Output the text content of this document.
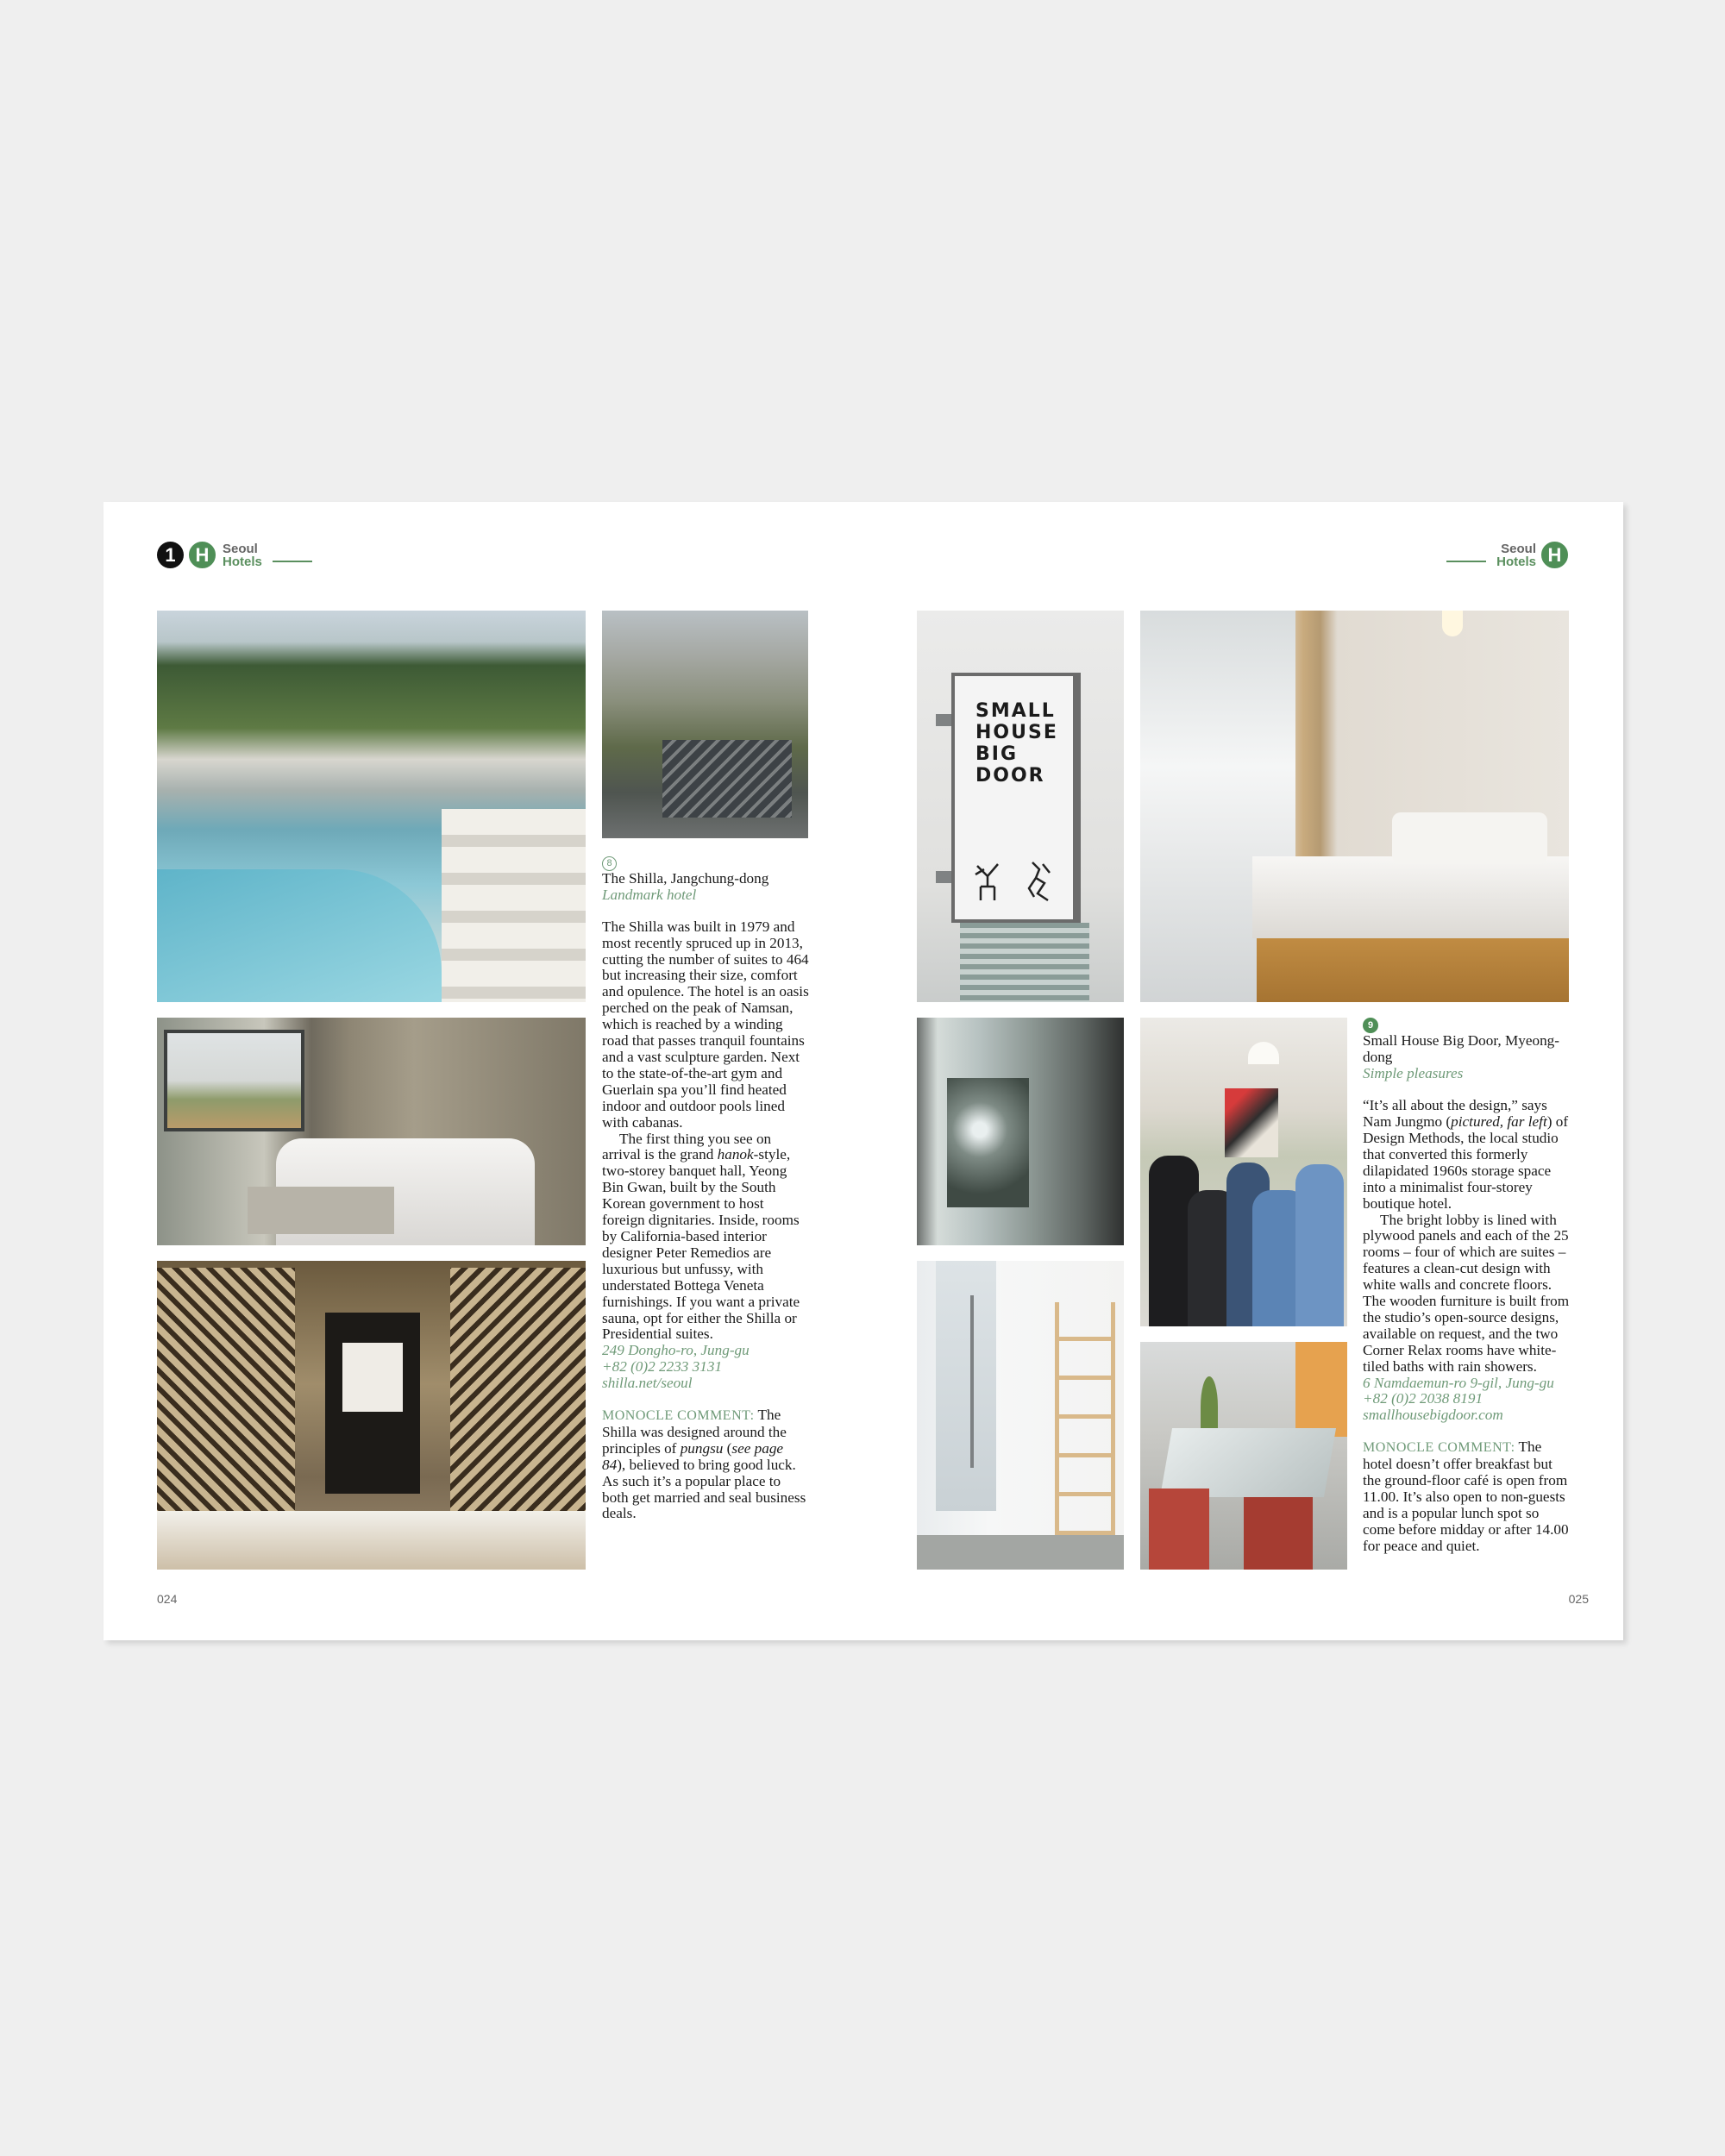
1	H	Seoul
Hotels
Seoul
Hotels H
8

The Shilla, Jangchung-dong

Landmark hotel

The Shilla was built in 1979 and most recently spruced up in 2013, cutting the number of suites to 464 but increasing their size, comfort and opulence. The hotel is an oasis perched on the peak of Namsan, which is reached by a winding road that passes tranquil fountains and a vast sculpture garden. Next to the state-of-the-art gym and Guerlain spa you’ll find heated indoor and outdoor pools lined with cabanas.

The first thing you see on arrival is the grand hanok-style, two-storey banquet hall, Yeong Bin Gwan, built by the South Korean government to host foreign dignitaries. Inside, rooms by California-based interior designer Peter Remedios are luxurious but unfussy, with understated Bottega Veneta furnishings. If you want a private sauna, opt for either the Shilla or Presidential suites.

249 Dongho-ro, Jung-gu

+82 (0)2 2233 3131

shilla.net/seoul

MONOCLE COMMENT: The Shilla was designed around the principles of pungsu (see page 84), believed to bring good luck. As such it’s a popular place to both get married and seal business deals.

SMALL
HOUSE
BIG
DOOR
9

Small House Big Door, Myeong-dong

Simple pleasures

“It’s all about the design,” says Nam Jungmo (pictured, far left) of Design Methods, the local studio that converted this formerly dilapidated 1960s storage space into a minimalist four-storey boutique hotel.

The bright lobby is lined with plywood panels and each of the 25 rooms – four of which are suites – features a clean-cut design with white walls and concrete floors. The wooden furniture is built from the studio’s open-source designs, available on request, and the two Corner Relax rooms have white-tiled baths with rain showers.

6 Namdaemun-ro 9-gil, Jung-gu

+82 (0)2 2038 8191

smallhousebigdoor.com

MONOCLE COMMENT: The hotel doesn’t offer breakfast but the ground-floor café is open from 11.00. It’s also open to non-guests and is a popular lunch spot so come before midday or after 14.00 for peace and quiet.

024	025
